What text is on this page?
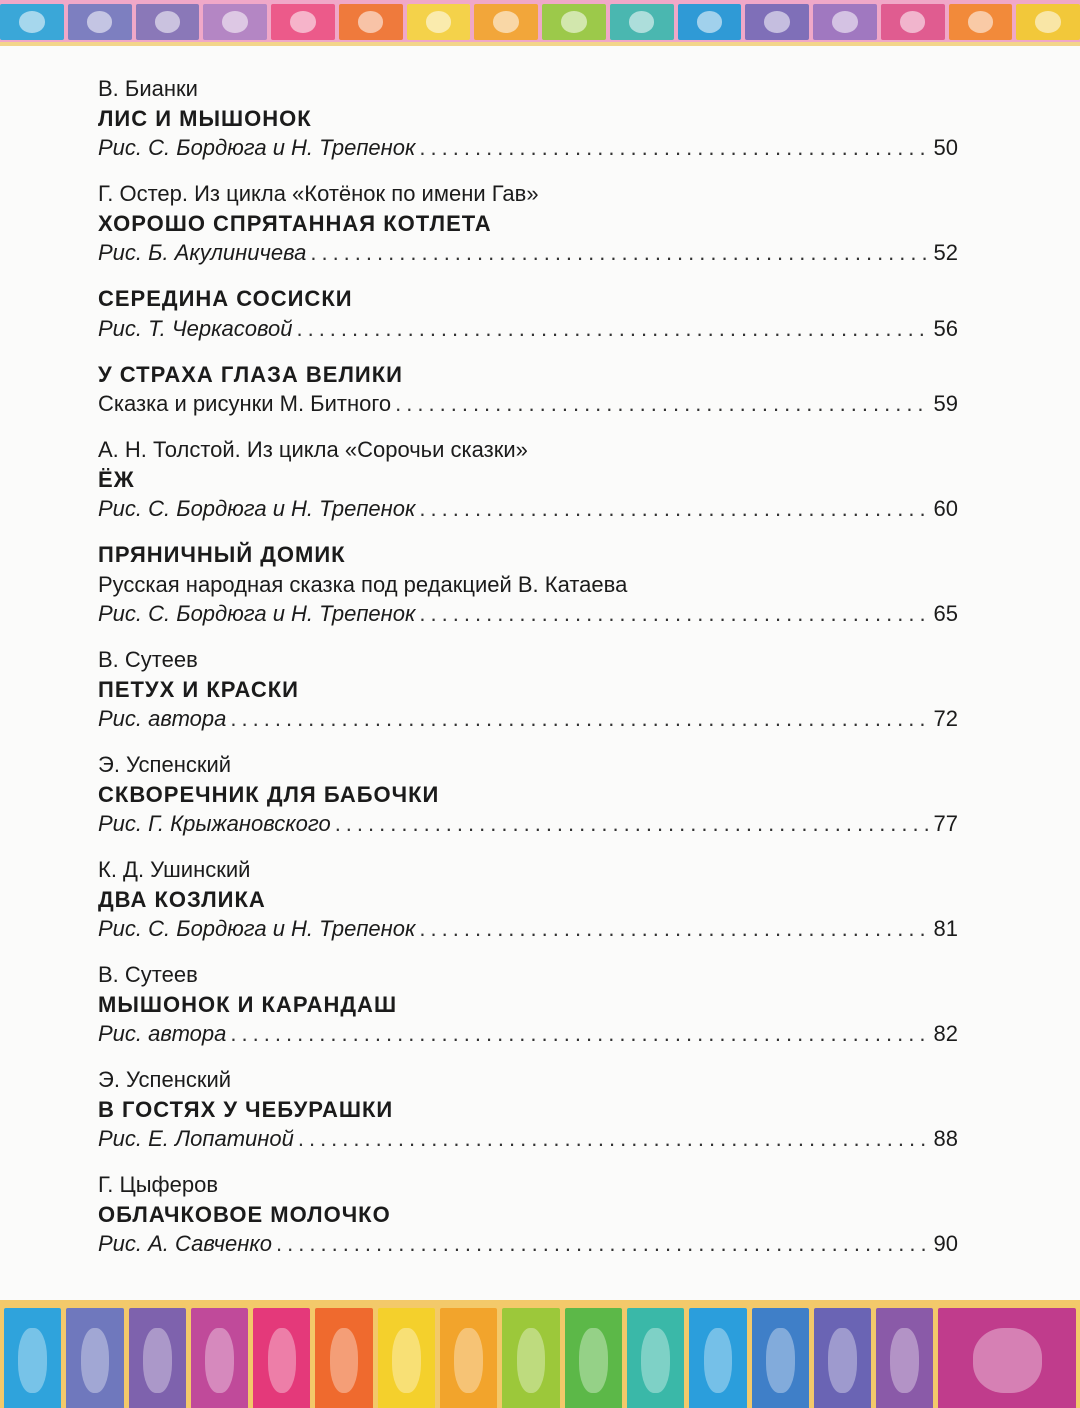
В. Бианки
ЛИС И МЫШОНОК
Рис. С. Бордюга и Н. Трепенок .....	50
Г. Остер. Из цикла «Котёнок по имени Гав»
ХОРОШО СПРЯТАННАЯ КОТЛЕТА
Рис. Б. Акулиничева .....	52
СЕРЕДИНА СОСИСКИ
Рис. Т. Черкасовой .....	56
У СТРАХА ГЛАЗА ВЕЛИКИ
Сказка и рисунки М. Битного .....	59
А. Н. Толстой. Из цикла «Сорочьи сказки»
ЁЖ
Рис. С. Бордюга и Н. Трепенок .....	60
ПРЯНИЧНЫЙ ДОМИК
Русская народная сказка под редакцией В. Катаева
Рис. С. Бордюга и Н. Трепенок .....	65
В. Сутеев
ПЕТУХ И КРАСКИ
Рис. автора .....	72
Э. Успенский
СКВОРЕЧНИК ДЛЯ БАБОЧКИ
Рис. Г. Крыжановского .....	77
К. Д. Ушинский
ДВА КОЗЛИКА
Рис. С. Бордюга и Н. Трепенок .....	81
В. Сутеев
МЫШОНОК И КАРАНДАШ
Рис. автора .....	82
Э. Успенский
В ГОСТЯХ У ЧЕБУРАШКИ
Рис. Е. Лопатиной .....	88
Г. Цыферов
ОБЛАЧКОВОЕ МОЛОЧКО
Рис. А. Савченко .....	90
